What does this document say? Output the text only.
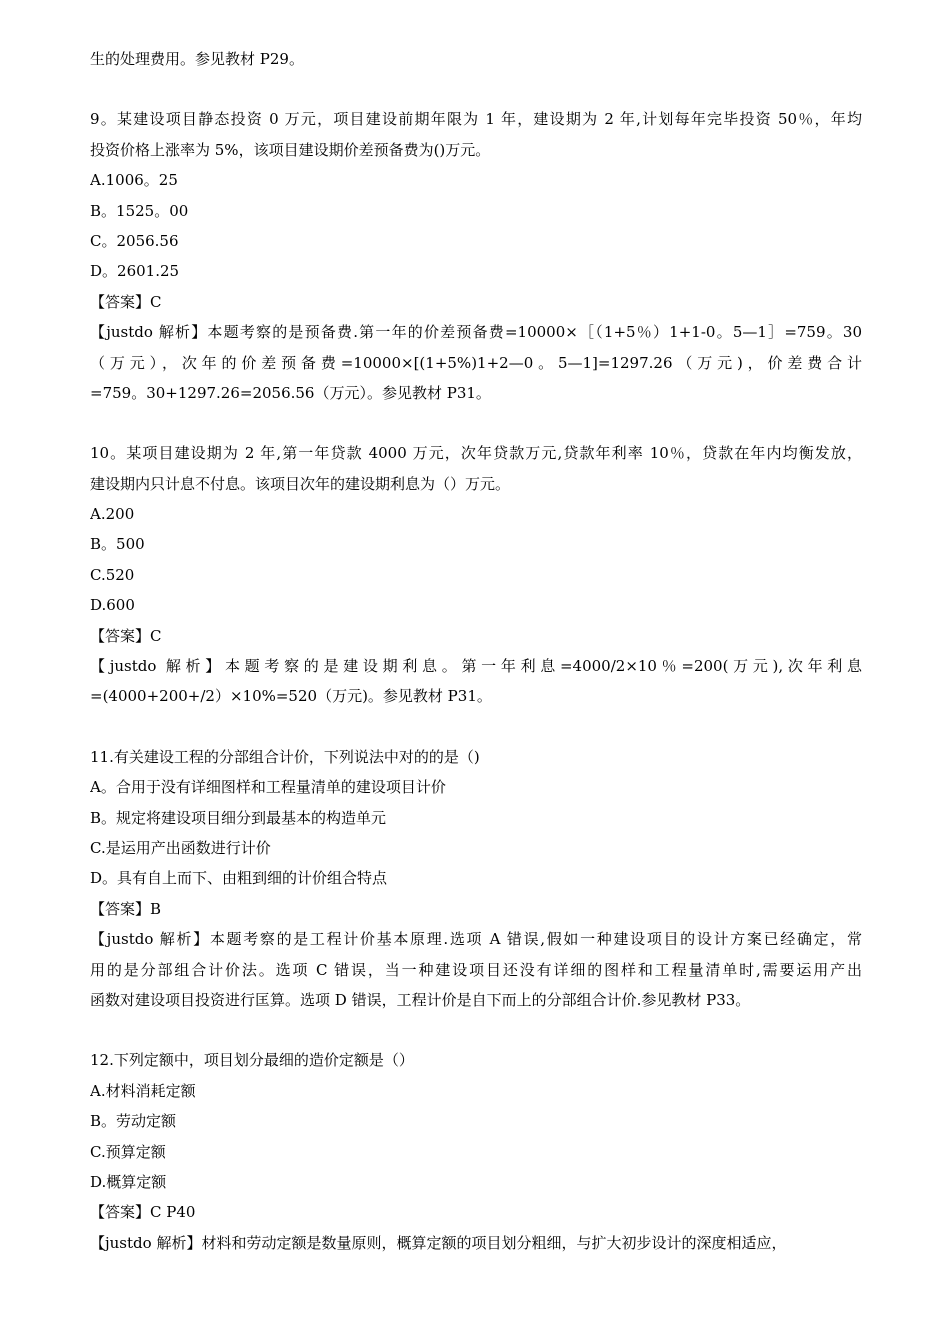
生的处理费用。参见教材 P29。
9。某建设项目静态投资 0 万元，项目建设前期年限为 1 年，建设期为 2 年,计划每年完毕投资 50％，年均
投资价格上涨率为 5%，该项目建设期价差预备费为()万元。
A.1006。25
B。1525。00
C。2056.56
D。2601.25
【答案】C
【justdo 解析】本题考察的是预备费.第一年的价差预备费=10000×［（1+5％）1+1-0。5—1］=759。30
（万元），次年的价差预备费=10000×[(1+5%)1+2—0。5—1]=1297.26（万元)，价差费合计
=759。30+1297.26=2056.56（万元）。参见教材 P31。
10。某项目建设期为 2 年,第一年贷款 4000 万元，次年贷款万元,贷款年利率 10％，贷款在年内均衡发放，
建设期内只计息不付息。该项目次年的建设期利息为（）万元。
A.200
B。500
C.520
D.600
【答案】C
【justdo 解析】本题考察的是建设期利息。第一年利息=4000/2×10％=200(万元),次年利息
=(4000+200+/2）×10%=520（万元)。参见教材 P31。
11.有关建设工程的分部组合计价，下列说法中对的的是（)
A。合用于没有详细图样和工程量清单的建设项目计价
B。规定将建设项目细分到最基本的构造单元
C.是运用产出函数进行计价
D。具有自上而下、由粗到细的计价组合特点
【答案】B
【justdo 解析】本题考察的是工程计价基本原理.选项 A 错误,假如一种建设项目的设计方案已经确定，常
用的是分部组合计价法。选项 C 错误，当一种建设项目还没有详细的图样和工程量清单时,需要运用产出
函数对建设项目投资进行匡算。选项 D 错误，工程计价是自下而上的分部组合计价.参见教材 P33。
12.下列定额中，项目划分最细的造价定额是（）
A.材料消耗定额
B。劳动定额
C.预算定额
D.概算定额
【答案】C P40
【justdo 解析】材料和劳动定额是数量原则，概算定额的项目划分粗细，与扩大初步设计的深度相适应，
